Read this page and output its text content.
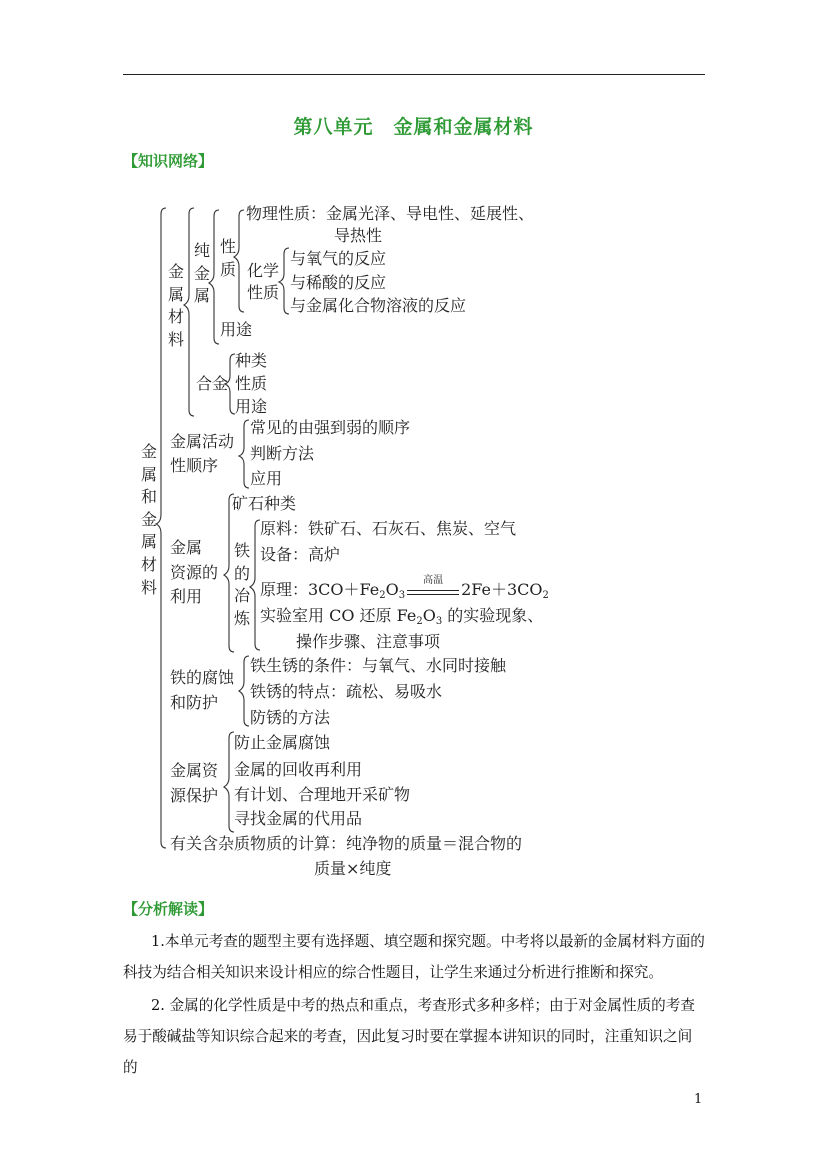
第八单元　金属和金属材料
【知识网络】
金属和金属材料
金属材料
纯金属
性质
物理性质：金属光泽、导电性、延展性、
导热性
化学性质
与氧气的反应
与稀酸的反应
与金属化合物溶液的反应
用途
合金
种类
性质
用途
金属活动
性顺序
常见的由强到弱的顺序
判断方法
应用
金属
资源的
利用
矿石种类
铁的冶炼
原料：铁矿石、石灰石、焦炭、空气
设备：高炉
原理：$3CO+Fe_2O_3$
高温	$2Fe+3CO_2$
实验室用 CO 还原 $Fe_2O_3$ 的实验现象、
操作步骤、注意事项
铁的腐蚀
和防护
铁生锈的条件：与氧气、水同时接触
铁锈的特点：疏松、易吸水
防锈的方法
金属资
源保护
防止金属腐蚀
金属的回收再利用
有计划、合理地开采矿物
寻找金属的代用品
有关含杂质物质的计算：纯净物的质量＝混合物的
质量×纯度
【分析解读】
1.本单元考查的题型主要有选择题、填空题和探究题。中考将以最新的金属材料方面的科技为结合相关知识来设计相应的综合性题目，让学生来通过分析进行推断和探究。
2. 金属的化学性质是中考的热点和重点，考查形式多种多样；由于对金属性质的考查易于酸碱盐等知识综合起来的考查，因此复习时要在掌握本讲知识的同时，注重知识之间的
1
